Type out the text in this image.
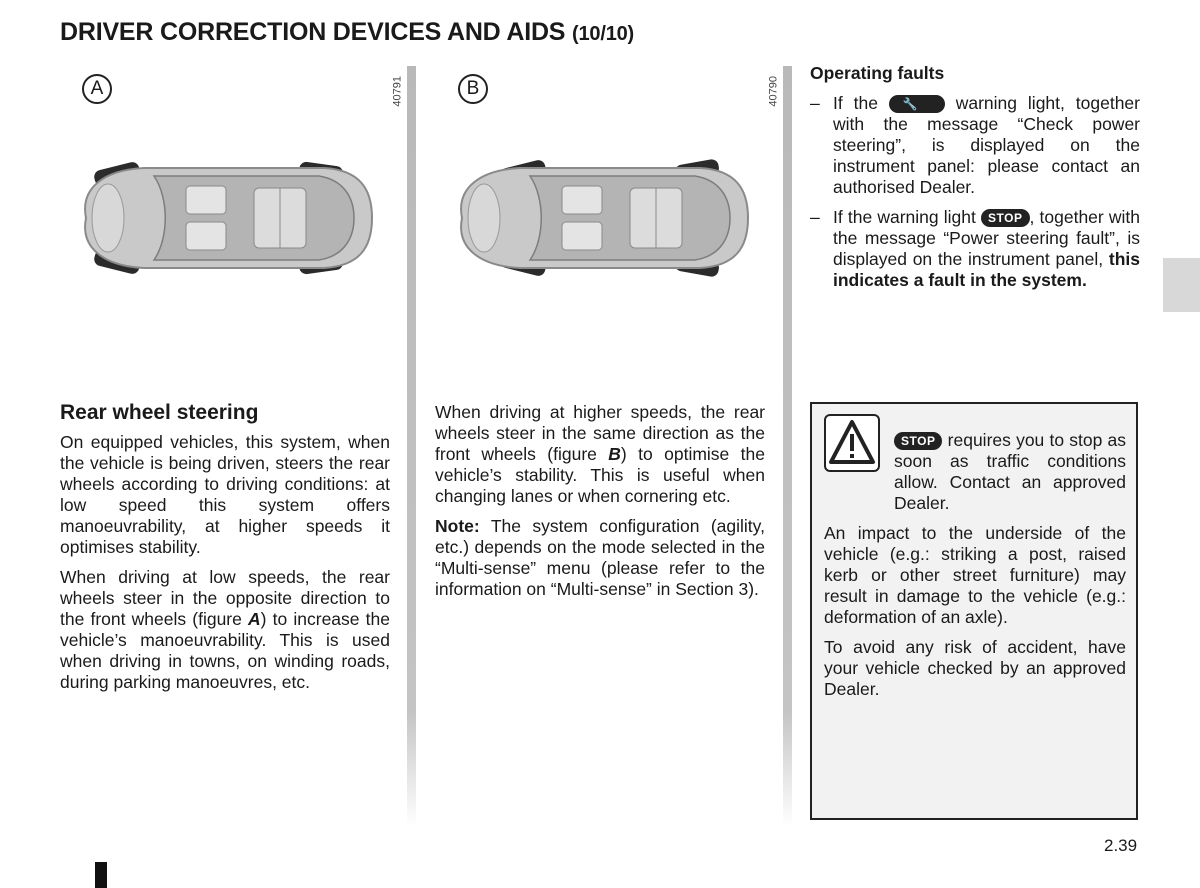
DRIVER CORRECTION DEVICES AND AIDS (10/10)
A	40791	B	40790
Rear wheel steering

On equipped vehicles, this system, when the vehicle is being driven, steers the rear wheels according to driving conditions: at low speed this system offers manoeuvrability, at higher speeds it optimises stability.

When driving at low speeds, the rear wheels steer in the opposite direction to the front wheels (figure A) to increase the vehicle’s manoeuvrability. This is used when driving in towns, on winding roads, during parking manoeuvres, etc.

When driving at higher speeds, the rear wheels steer in the same direction as the front wheels (figure B) to optimise the vehicle’s stability. This is useful when changing lanes or when cornering etc.

Note: The system configuration (agility, etc.) depends on the mode selected in the “Multi-sense” menu (please refer to the information on “Multi-sense” in Section 3).

Operating faults

– If the 🔧 warning light, together with the message “Check power steering”, is displayed on the instrument panel: please contact an authorised Dealer.
– If the warning light STOP , together with the message “Power steering fault”, is displayed on the instrument panel, this indicates a fault in the system.

STOP requires you to stop as soon as traffic conditions allow. Contact an approved Dealer.

An impact to the underside of the vehicle (e.g.: striking a post, raised kerb or other street furniture) may result in damage to the vehicle (e.g.: deformation of an axle).

To avoid any risk of accident, have your vehicle checked by an approved Dealer.

2.39
